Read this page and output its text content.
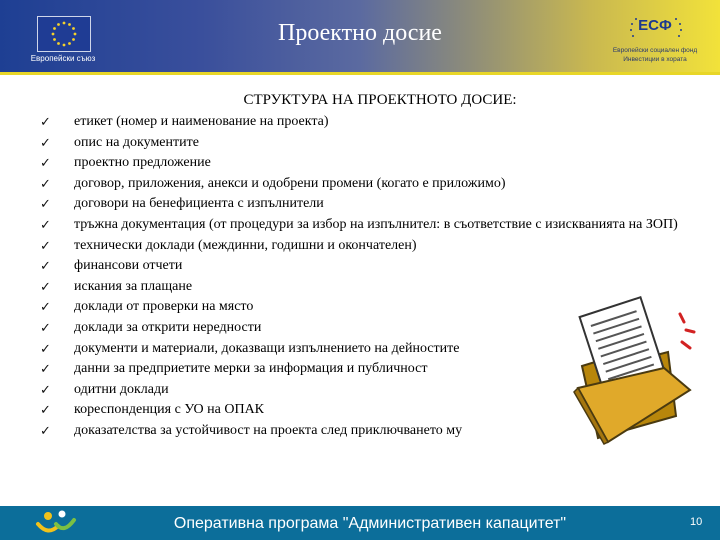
Европейски съюз
Проектно досие	ЕСФ
Европейски социален фонд Инвестиции в хората
СТРУКТУРА НА ПРОЕКТНОТО ДОСИЕ:
✓ етикет (номер и наименование на проекта)
✓ опис на документите
✓ проектно предложение
✓ договор, приложения, анекси и одобрени промени (когато е приложимо)
✓ договори на бенефициента с изпълнители
✓ тръжна документация (от процедури за избор на изпълнител: в съответствие с изискванията на ЗОП)
✓ технически доклади (междинни, годишни и окончателен)
✓ финансови отчети
✓ искания за плащане
✓ доклади от проверки на място
✓ доклади за открити нередности
✓ документи и материали, доказващи изпълнението на дейностите
✓ данни за предприетите мерки за информация и публичност
✓ одитни доклади
✓ кореспонденция с УО на ОПАК
✓ доказателства за устойчивост на проекта след приключването му
Оперативна програма "Административен капацитет"	10
